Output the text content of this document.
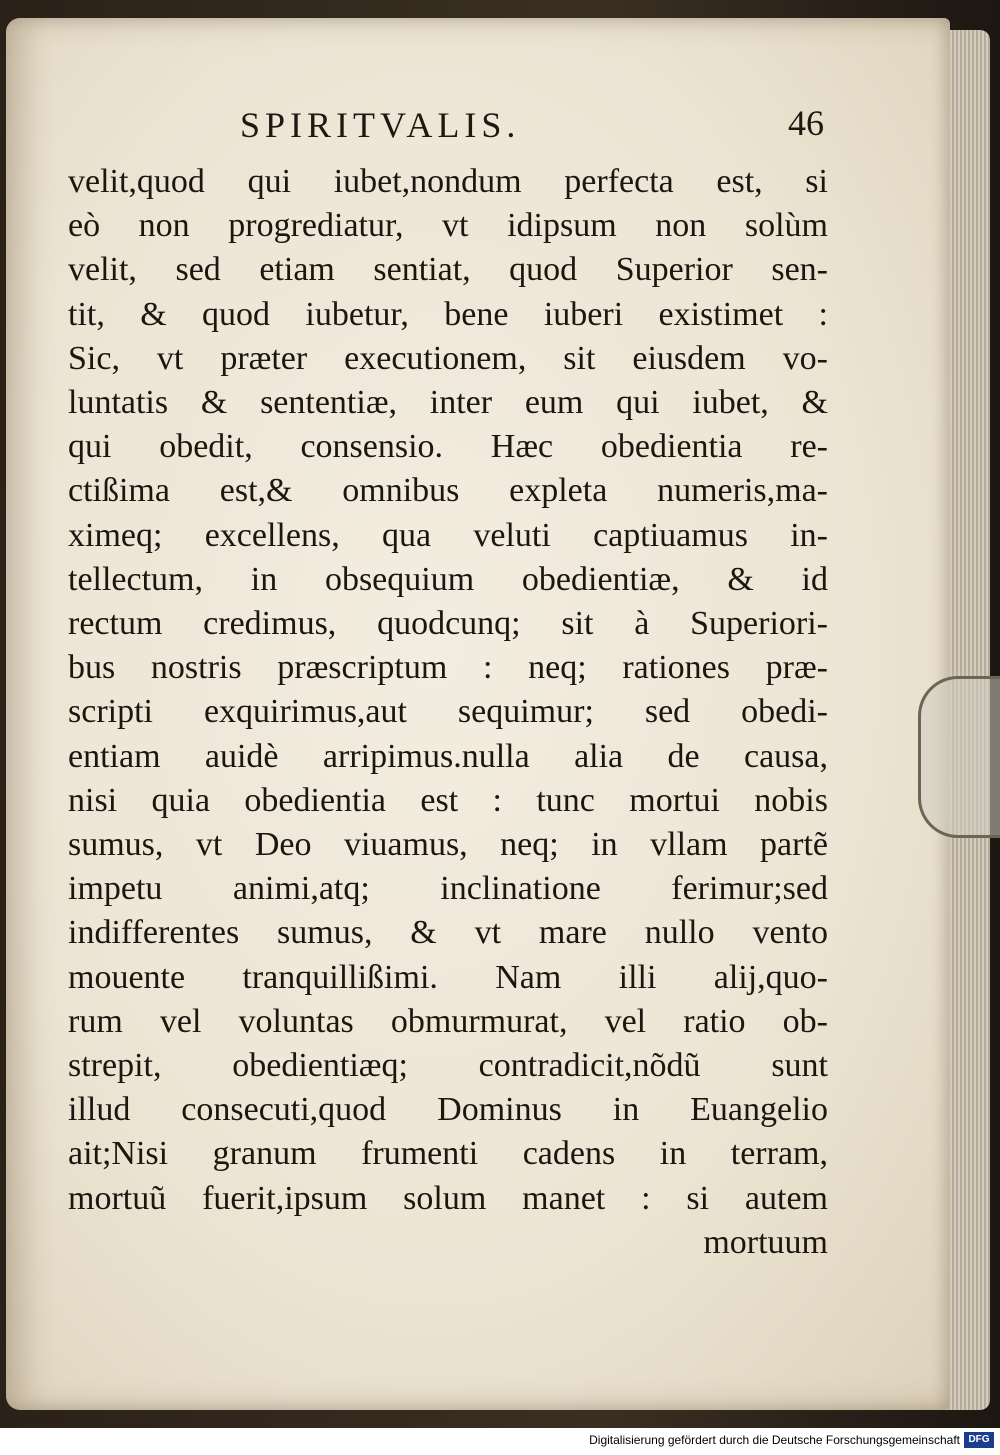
SPIRITVALIS.	46
velit,quod qui iubet,nondum perfecta est, si
eò non progrediatur, vt idipsum non solùm
velit, sed etiam sentiat, quod Superior sen-
tit, & quod iubetur, bene iuberi existimet :
Sic, vt præter executionem, sit eiusdem vo-
luntatis & sententiæ, inter eum qui iubet, &
qui obedit, consensio. Hæc obedientia re-
ctißima est,& omnibus expleta numeris,ma-
ximeq; excellens, qua veluti captiuamus in-
tellectum, in obsequium obedientiæ, & id
rectum credimus, quodcunq; sit à Superiori-
bus nostris præscriptum : neq; rationes præ-
scripti exquirimus,aut sequimur; sed obedi-
entiam auidè arripimus.nulla alia de causa,
nisi quia obedientia est : tunc mortui nobis
sumus, vt Deo viuamus, neq; in vllam partẽ
impetu animi,atq; inclinatione ferimur;sed
indifferentes sumus, & vt mare nullo vento
mouente tranquillißimi. Nam illi alij,quo-
rum vel voluntas obmurmurat, vel ratio ob-
strepit, obedientiæq; contradicit,nõdũ sunt
illud consecuti,quod Dominus in Euangelio
ait;Nisi granum frumenti cadens in terram,
mortuũ fuerit,ipsum solum manet : si autem
mortuum
Digitalisierung gefördert durch die Deutsche Forschungsgemeinschaft DFG
